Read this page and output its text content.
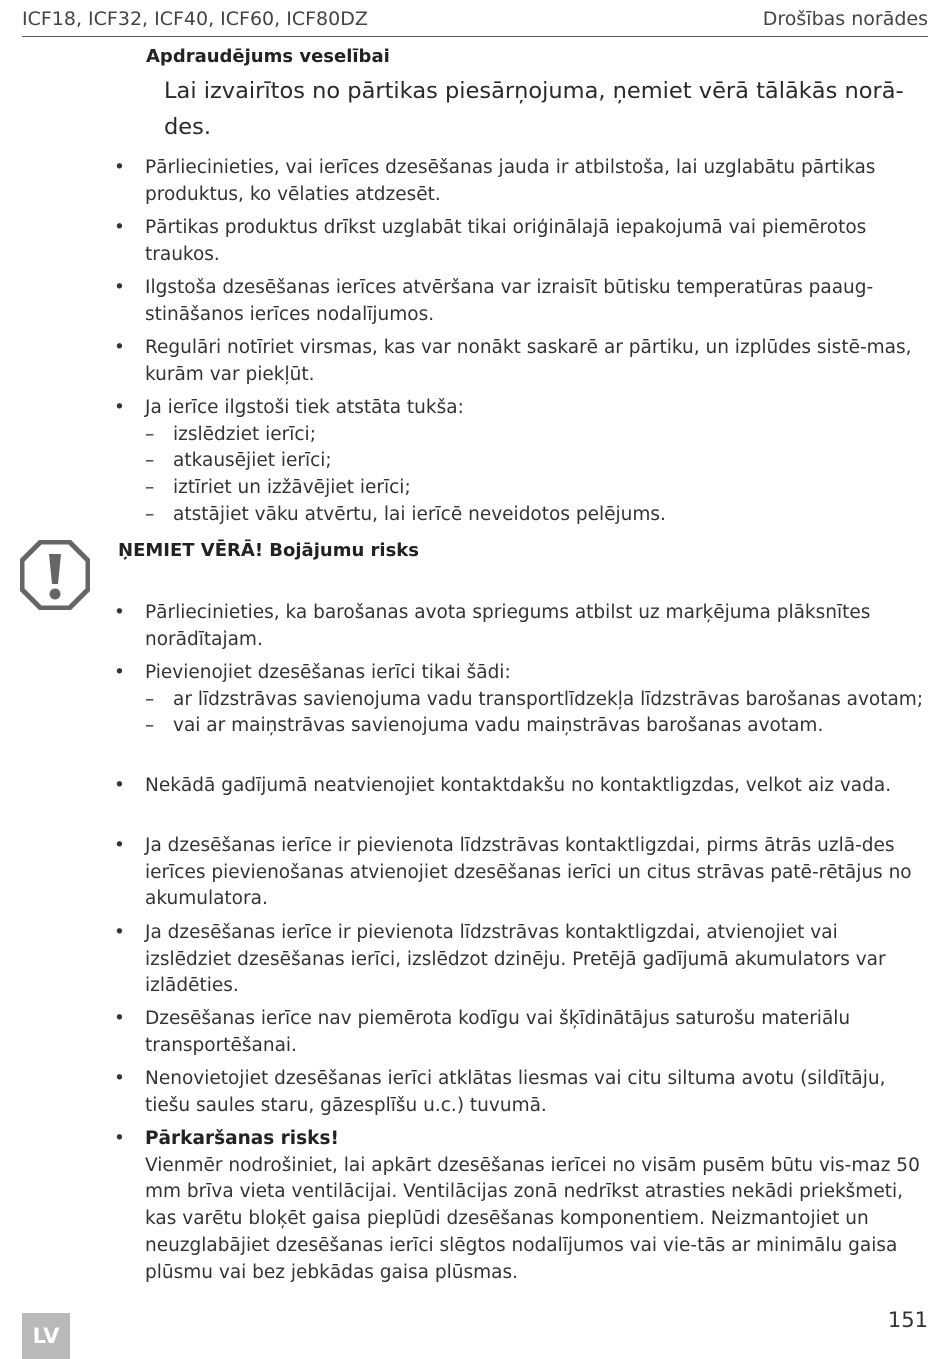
ICF18, ICF32, ICF40, ICF60, ICF80DZ	Drošības norādes
Apdraudējums veselībai
Lai izvairītos no pārtikas piesārņojuma, ņemiet vērā tālākās norā-des.
• Pārliecinieties, vai ierīces dzesēšanas jauda ir atbilstoša, lai uzglabātu pārtikas produktus, ko vēlaties atdzesēt.
• Pārtikas produktus drīkst uzglabāt tikai oriģinālajā iepakojumā vai piemērotos traukos.
• Ilgstoša dzesēšanas ierīces atvēršana var izraisīt būtisku temperatūras paaug-stināšanos ierīces nodalījumos.
• Regulāri notīriet virsmas, kas var nonākt saskarē ar pārtiku, un izplūdes sistē-mas, kurām var piekļūt.
• Ja ierīce ilgstoši tiek atstāta tukša:
– izslēdziet ierīci;
– atkausējiet ierīci;
– iztīriet un izžāvējiet ierīci;
– atstājiet vāku atvērtu, lai ierīcē neveidotos pelējums.
ŅEMIET VĒRĀ! Bojājumu risks
• Pārliecinieties, ka barošanas avota spriegums atbilst uz marķējuma plāksnītes norādītajam.
• Pievienojiet dzesēšanas ierīci tikai šādi:
– ar līdzstrāvas savienojuma vadu transportlīdzekļa līdzstrāvas barošanas avotam;
– vai ar maiņstrāvas savienojuma vadu maiņstrāvas barošanas avotam.
• Nekādā gadījumā neatvienojiet kontaktdakšu no kontaktligzdas, velkot aiz vada.
• Ja dzesēšanas ierīce ir pievienota līdzstrāvas kontaktligzdai, pirms ātrās uzlā-des ierīces pievienošanas atvienojiet dzesēšanas ierīci un citus strāvas patē-rētājus no akumulatora.
• Ja dzesēšanas ierīce ir pievienota līdzstrāvas kontaktligzdai, atvienojiet vai izslēdziet dzesēšanas ierīci, izslēdzot dzinēju. Pretējā gadījumā akumulators var izlādēties.
• Dzesēšanas ierīce nav piemērota kodīgu vai šķīdinātājus saturošu materiālu transportēšanai.
• Nenovietojiet dzesēšanas ierīci atklātas liesmas vai citu siltuma avotu (sildītāju, tiešu saules staru, gāzesplīšu u.c.) tuvumā.
• Pārkaršanas risks!
Vienmēr nodrošiniet, lai apkārt dzesēšanas ierīcei no visām pusēm būtu vis-maz 50 mm brīva vieta ventilācijai. Ventilācijas zonā nedrīkst atrasties nekādi priekšmeti, kas varētu bloķēt gaisa pieplūdi dzesēšanas komponentiem. Neizmantojiet un neuzglabājiet dzesēšanas ierīci slēgtos nodalījumos vai vie-tās ar minimālu gaisa plūsmu vai bez jebkādas gaisa plūsmas.
LV
151
